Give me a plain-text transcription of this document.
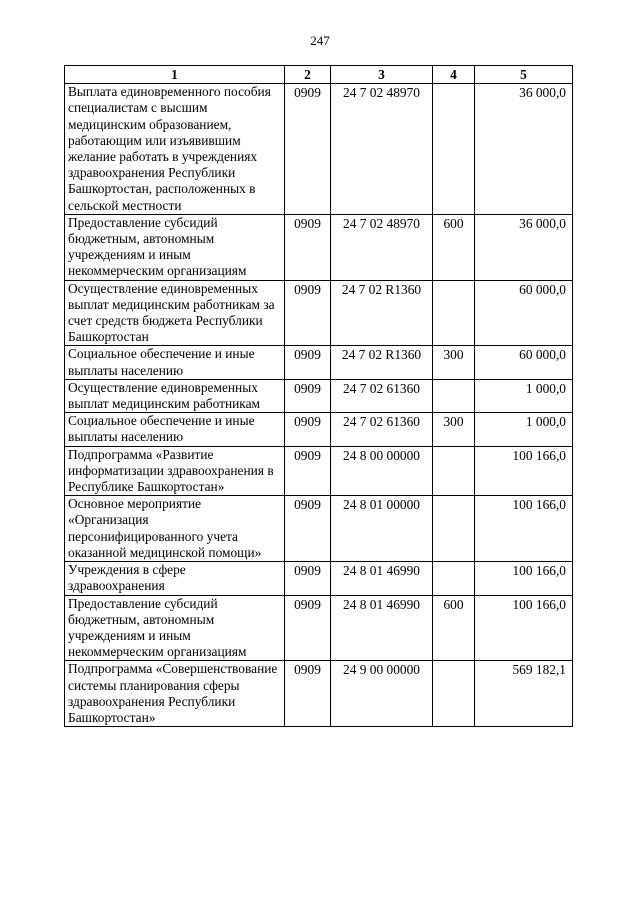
247
1	2	3	4	5
Выплата единовременного пособия специалистам с высшим медицинским образованием, работающим или изъявившим желание работать в учреждениях здравоохранения Республики Башкортостан, расположенных в сельской местности	0909	24 7 02 48970		36 000,0
Предоставление субсидий бюджетным, автономным учреждениям и иным некоммерческим организациям	0909	24 7 02 48970	600	36 000,0
Осуществление единовременных выплат медицинским работникам за счет средств бюджета Республики Башкортостан	0909	24 7 02 R1360		60 000,0
Социальное обеспечение и иные выплаты населению	0909	24 7 02 R1360	300	60 000,0
Осуществление единовременных выплат медицинским работникам	0909	24 7 02 61360		1 000,0
Социальное обеспечение и иные выплаты населению	0909	24 7 02 61360	300	1 000,0
Подпрограмма «Развитие информатизации здравоохранения в Республике Башкортостан»	0909	24 8 00 00000		100 166,0
Основное мероприятие «Организация персонифицированного учета оказанной медицинской помощи»	0909	24 8 01 00000		100 166,0
Учреждения в сфере здравоохранения	0909	24 8 01 46990		100 166,0
Предоставление субсидий бюджетным, автономным учреждениям и иным некоммерческим организациям	0909	24 8 01 46990	600	100 166,0
Подпрограмма «Совершенствование системы планирования сферы здравоохранения Республики Башкортостан»	0909	24 9 00 00000		569 182,1
